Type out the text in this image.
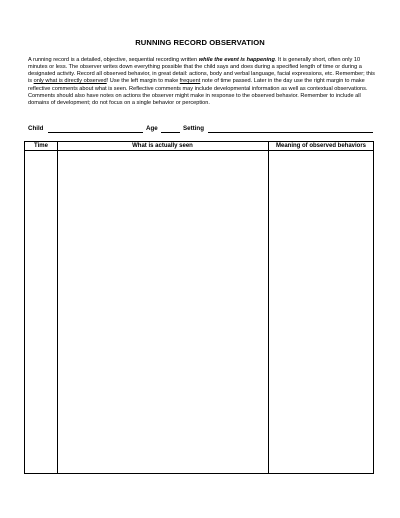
RUNNING RECORD OBSERVATION
A running record is a detailed, objective, sequential recording written while the event is happening. It is generally short, often only 10 minutes or less. The observer writes down everything possible that the child says and does during a specified length of time or during a designated activity. Record all observed behavior, in great detail: actions, body and verbal language, facial expressions, etc. Remember; this is only what is directly observed! Use the left margin to make frequent note of time passed. Later in the day use the right margin to make reflective comments about what is seen. Reflective comments may include developmental information as well as contextual observations. Comments should also have notes on actions the observer might make in response to the observed behavior. Remember to include all domains of development; do not focus on a single behavior or perception.
Child	Age	Setting
Time	What is actually seen	Meaning of observed behaviors
